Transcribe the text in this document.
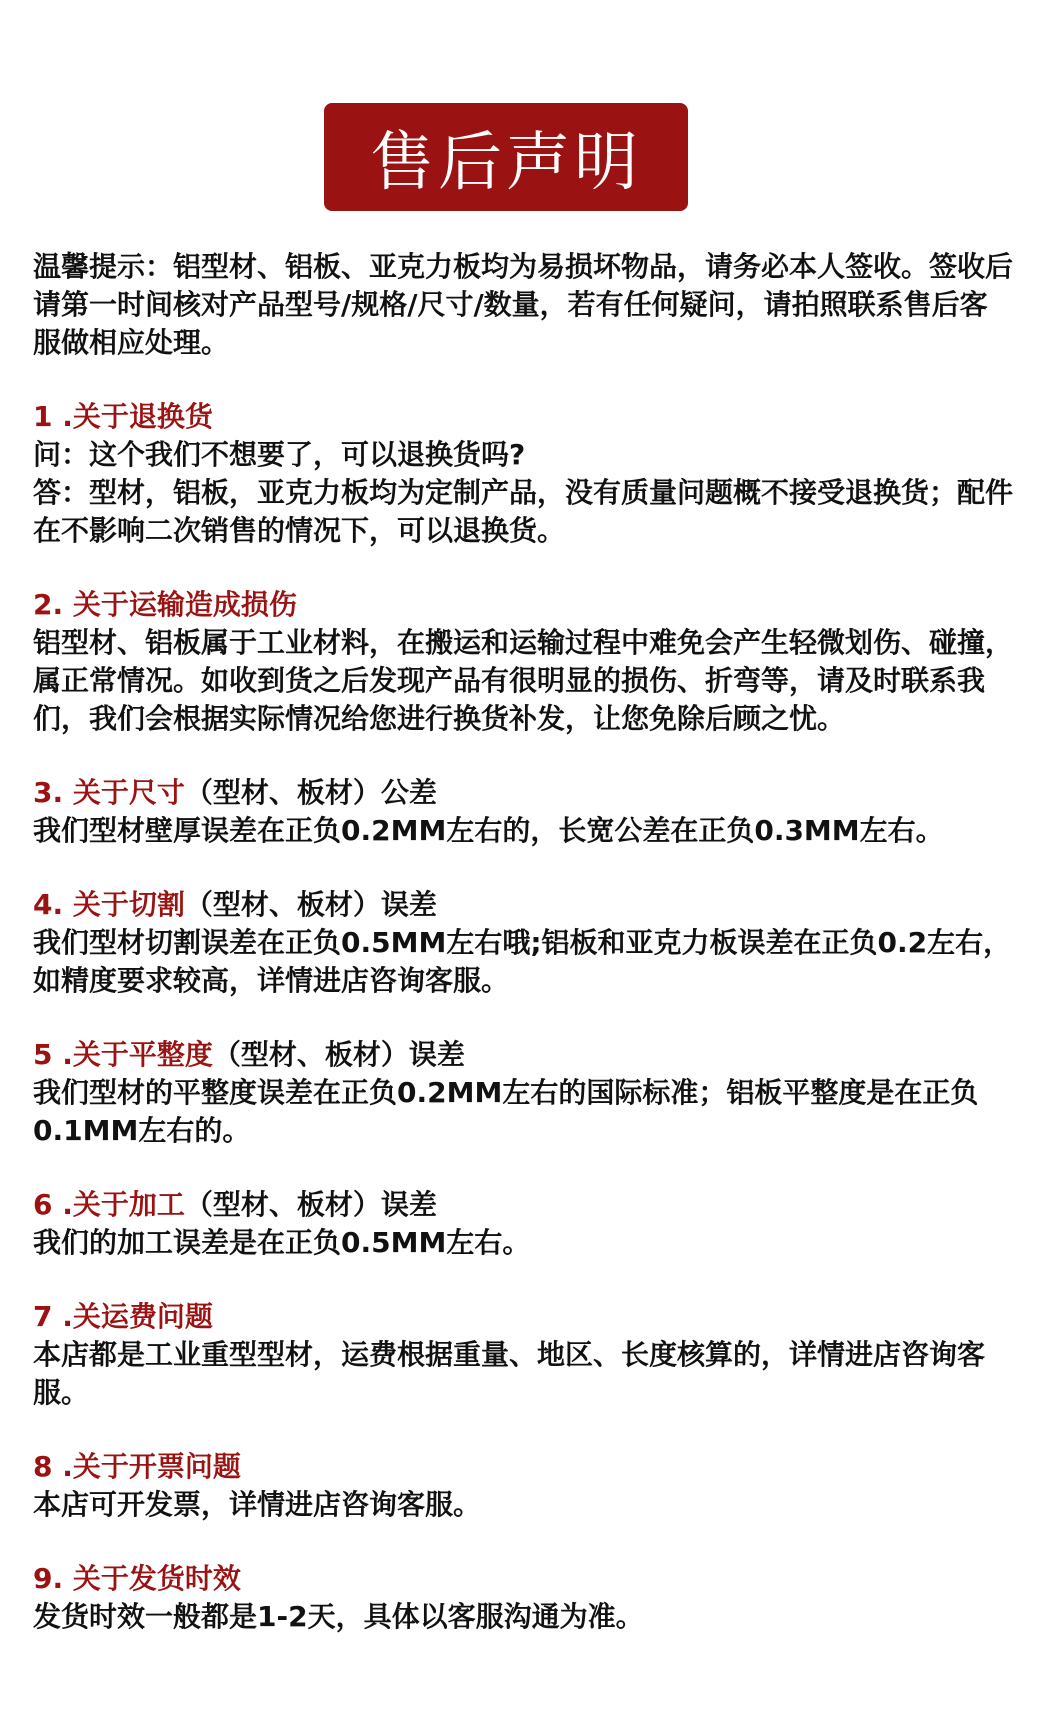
售后声明
温馨提示：铝型材、铝板、亚克力板均为易损坏物品，请务必本人签收。签收后请第一时间核对产品型号/规格/尺寸/数量，若有任何疑问，请拍照联系售后客服做相应处理。
1 .关于退换货
问：这个我们不想要了，可以退换货吗?
答：型材，铝板，亚克力板均为定制产品，没有质量问题概不接受退换货；配件在不影响二次销售的情况下，可以退换货。
2. 关于运输造成损伤
铝型材、铝板属于工业材料，在搬运和运输过程中难免会产生轻微划伤、碰撞，属正常情况。如收到货之后发现产品有很明显的损伤、折弯等，请及时联系我们，我们会根据实际情况给您进行换货补发，让您免除后顾之忧。
3. 关于尺寸（型材、板材）公差
我们型材壁厚误差在正负0.2MM左右的，长宽公差在正负0.3MM左右。
4. 关于切割（型材、板材）误差
我们型材切割误差在正负0.5MM左右哦;铝板和亚克力板误差在正负0.2左右，如精度要求较高，详情进店咨询客服。
5 .关于平整度（型材、板材）误差
我们型材的平整度误差在正负0.2MM左右的国际标准；铝板平整度是在正负0.1MM左右的。
6 .关于加工（型材、板材）误差
我们的加工误差是在正负0.5MM左右。
7 .关运费问题
本店都是工业重型型材，运费根据重量、地区、长度核算的，详情进店咨询客服。
8 .关于开票问题
本店可开发票，详情进店咨询客服。
9. 关于发货时效
发货时效一般都是1-2天，具体以客服沟通为准。
